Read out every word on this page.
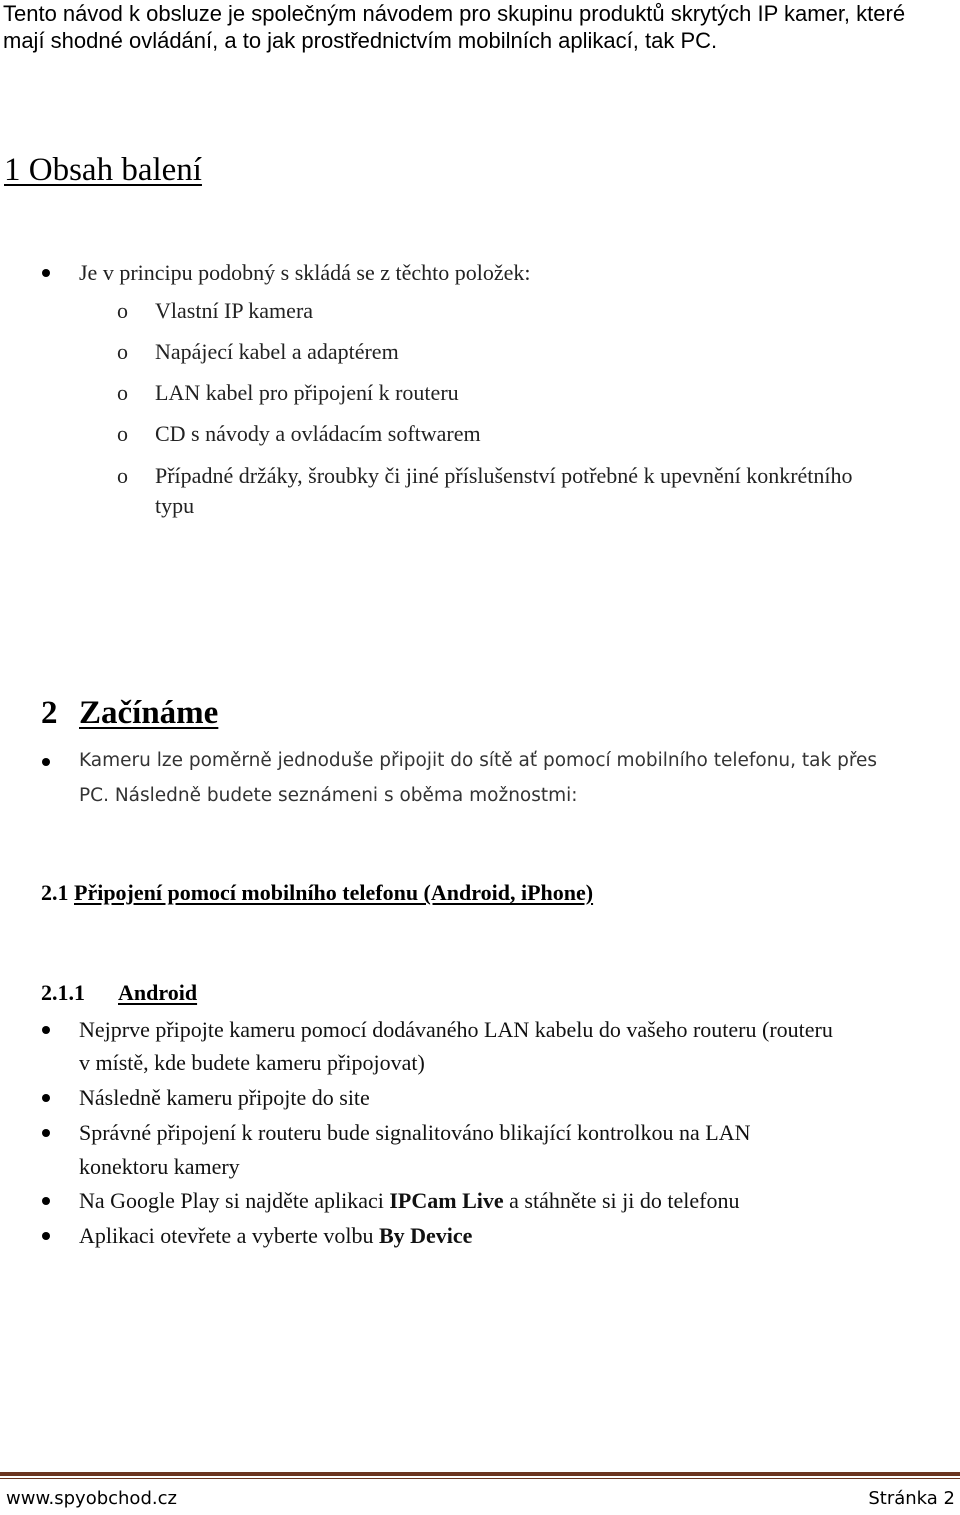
Tento návod k obsluze je společným návodem pro skupinu produktů skrytých IP kamer, které
mají shodné ovládání, a to jak prostřednictvím mobilních aplikací, tak PC.
1 Obsah balení
Je v principu podobný s skládá se z těchto položek:
o Vlastní IP kamera
o Napájecí kabel a adaptérem
o LAN kabel pro připojení k routeru
o CD s návody a ovládacím softwarem
o Případné držáky, šroubky či jiné příslušenství potřebné k upevnění konkrétního
typu
2 Začínáme
Kameru lze poměrně jednoduše připojit do sítě ať pomocí mobilního telefonu, tak přes
PC. Následně budete seznámeni s oběma možnostmi:
2.1 Připojení pomocí mobilního telefonu (Android, iPhone)
2.1.1 Android
Nejprve připojte kameru pomocí dodávaného LAN kabelu do vašeho routeru (routeru
v místě, kde budete kameru připojovat)
Následně kameru připojte do site
Správné připojení k routeru bude signalitováno blikající kontrolkou na LAN
konektoru kamery
Na Google Play si najděte aplikaci IPCam Live a stáhněte si ji do telefonu
Aplikaci otevřete a vyberte volbu By Device
www.spyobchod.cz	Stránka 2
